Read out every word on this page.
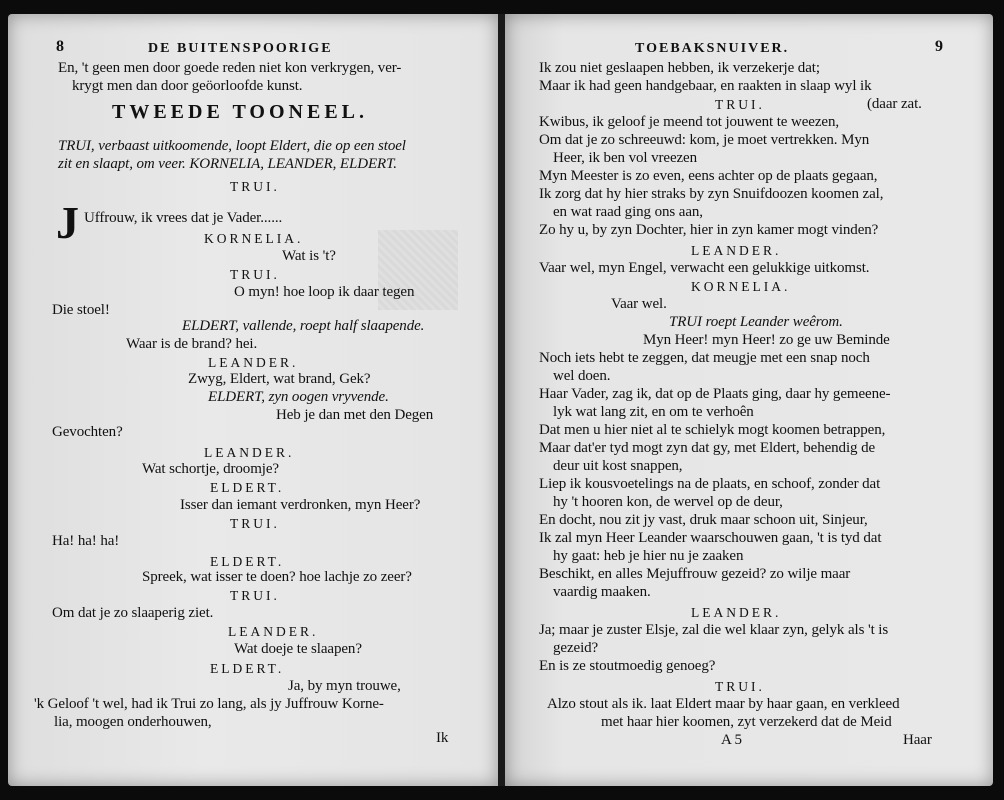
8	DE BUITENSPOORIGE
En, 't geen men door goede reden niet kon verkrygen, ver-
krygt men dan door geöorloofde kunst.
TWEEDE TOONEEL.
TRUI, verbaast uitkoomende, loopt Eldert, die op een stoel
zit en slaapt, om veer. KORNELIA, LEANDER, ELDERT.
TRUI.
J Uffrouw, ik vrees dat je Vader......
KORNELIA.
Wat is 't?
TRUI.
O myn! hoe loop ik daar tegen
Die stoel!
ELDERT, vallende, roept half slaapende.
Waar is de brand? hei.
LEANDER.
Zwyg, Eldert, wat brand, Gek?
ELDERT, zyn oogen vryvende.
Heb je dan met den Degen
Gevochten?
LEANDER.
Wat schortje, droomje?
ELDERT.
Isser dan iemant verdronken, myn Heer?
TRUI.
Ha! ha! ha!
ELDERT.
Spreek, wat isser te doen? hoe lachje zo zeer?
TRUI.
Om dat je zo slaaperig ziet.
LEANDER.
Wat doeje te slaapen?
ELDERT.
Ja, by myn trouwe,
'k Geloof 't wel, had ik Trui zo lang, als jy Juffrouw Korne-
lia, moogen onderhouwen,
Ik
TOEBAKSNUIVER.	9
Ik zou niet geslaapen hebben, ik verzekerje dat;
Maar ik had geen handgebaar, en raakten in slaap wyl ik
TRUI.	(daar zat.
Kwibus, ik geloof je meend tot jouwent te weezen,
Om dat je zo schreeuwd: kom, je moet vertrekken. Myn
Heer, ik ben vol vreezen
Myn Meester is zo even, eens achter op de plaats gegaan,
Ik zorg dat hy hier straks by zyn Snuifdoozen koomen zal,
en wat raad ging ons aan,
Zo hy u, by zyn Dochter, hier in zyn kamer mogt vinden?
LEANDER.
Vaar wel, myn Engel, verwacht een gelukkige uitkomst.
KORNELIA.
Vaar wel.
TRUI roept Leander weêrom.
Myn Heer! myn Heer! zo ge uw Beminde
Noch iets hebt te zeggen, dat meugje met een snap noch
wel doen.
Haar Vader, zag ik, dat op de Plaats ging, daar hy gemeene-
lyk wat lang zit, en om te verhoên
Dat men u hier niet al te schielyk mogt koomen betrappen,
Maar dat'er tyd mogt zyn dat gy, met Eldert, behendig de
deur uit kost snappen,
Liep ik kousvoetelings na de plaats, en schoof, zonder dat
hy 't hooren kon, de wervel op de deur,
En docht, nou zit jy vast, druk maar schoon uit, Sinjeur,
Ik zal myn Heer Leander waarschouwen gaan, 't is tyd dat
hy gaat: heb je hier nu je zaaken
Beschikt, en alles Mejuffrouw gezeid? zo wilje maar
vaardig maaken.
LEANDER.
Ja; maar je zuster Elsje, zal die wel klaar zyn, gelyk als 't is
gezeid?
En is ze stoutmoedig genoeg?
TRUI.
Alzo stout als ik. laat Eldert maar by haar gaan, en verkleed
met haar hier koomen, zyt verzekerd dat de Meid
A 5	Haar
